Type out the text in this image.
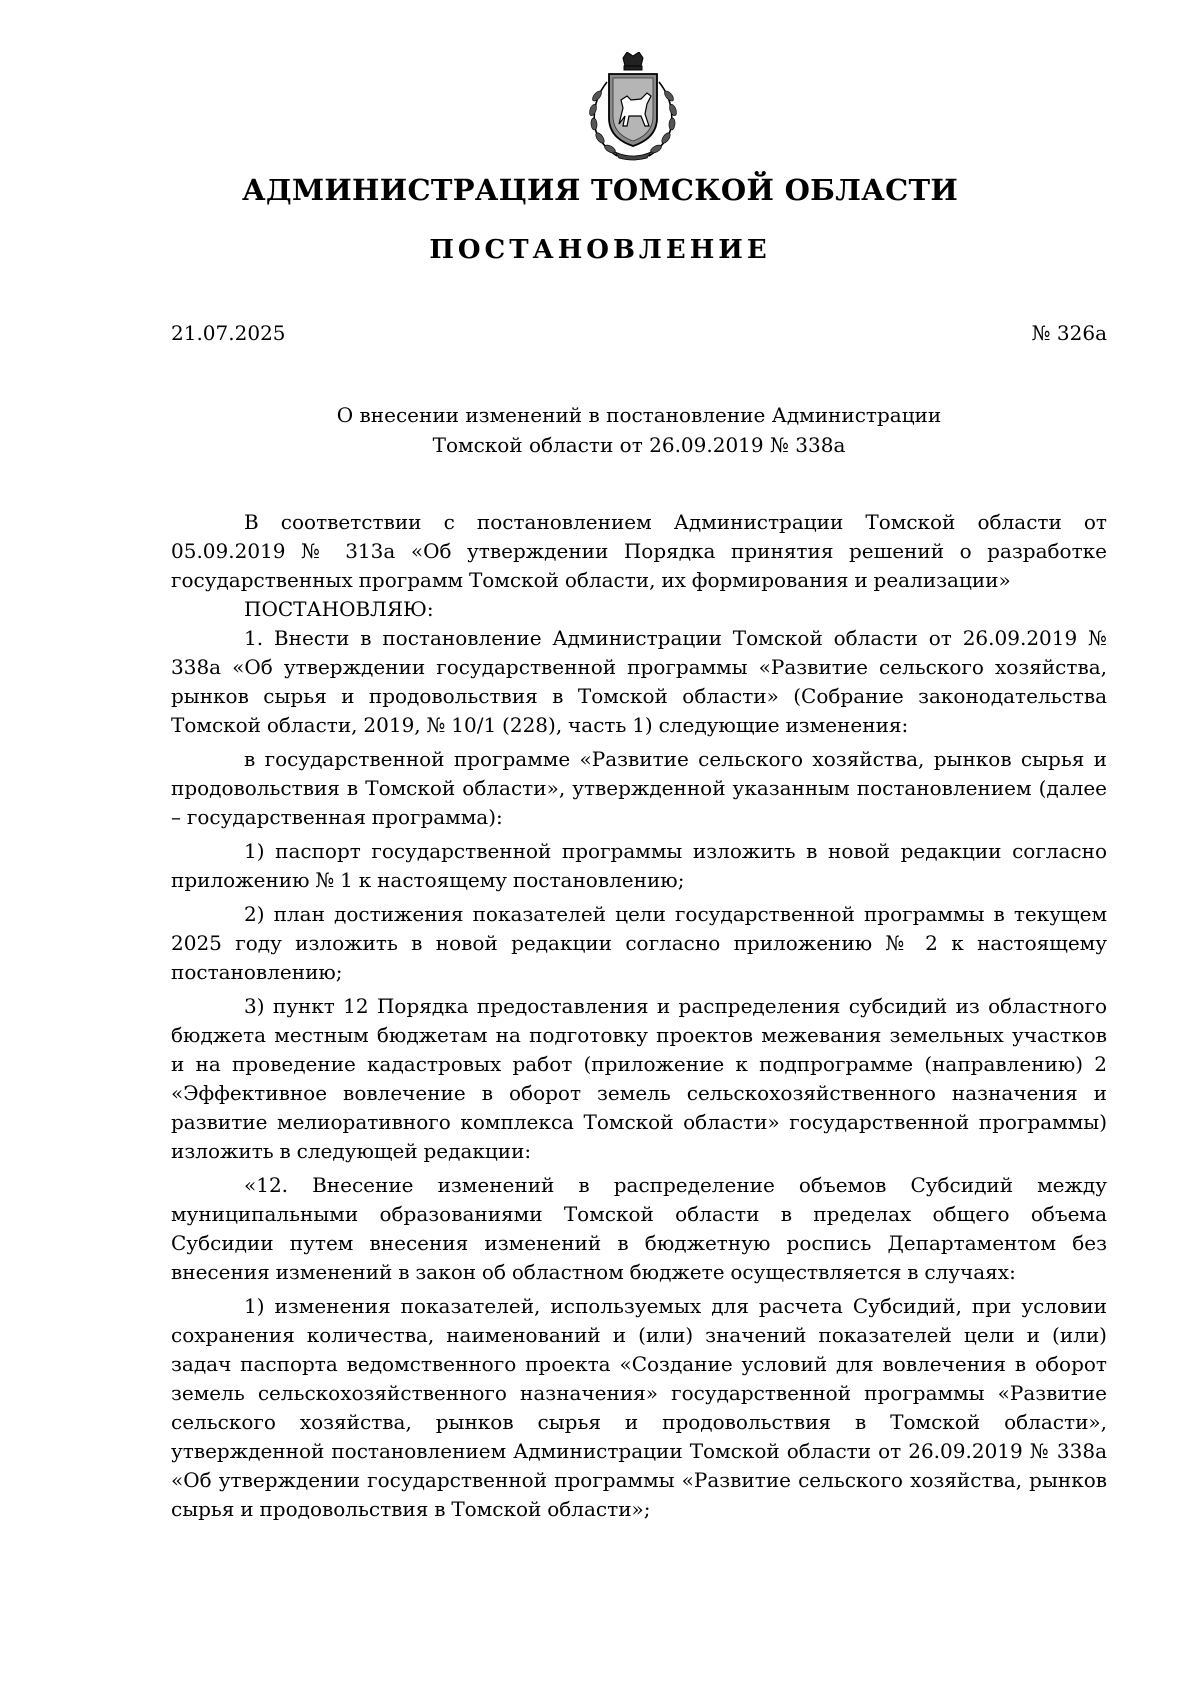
АДМИНИСТРАЦИЯ ТОМСКОЙ ОБЛАСТИ
ПОСТАНОВЛЕНИЕ
21.07.2025	№ 326а
О внесении изменений в постановление Администрации
Томской области от 26.09.2019 № 338а

В соответствии с постановлением Администрации Томской области от 05.09.2019 № 313а «Об утверждении Порядка принятия решений о разработке государственных программ Томской области, их формирования и реализации»

ПОСТАНОВЛЯЮ:

1. Внести в постановление Администрации Томской области от 26.09.2019 № 338а «Об утверждении государственной программы «Развитие сельского хозяйства, рынков сырья и продовольствия в Томской области» (Собрание законодательства Томской области, 2019, № 10/1 (228), часть 1) следующие изменения:

в государственной программе «Развитие сельского хозяйства, рынков сырья и продовольствия в Томской области», утвержденной указанным постановлением (далее – государственная программа):

1) паспорт государственной программы изложить в новой редакции согласно приложению № 1 к настоящему постановлению;

2) план достижения показателей цели государственной программы в текущем 2025 году изложить в новой редакции согласно приложению № 2 к настоящему постановлению;

3) пункт 12 Порядка предоставления и распределения субсидий из областного бюджета местным бюджетам на подготовку проектов межевания земельных участков и на проведение кадастровых работ (приложение к подпрограмме (направлению) 2 «Эффективное вовлечение в оборот земель сельскохозяйственного назначения и развитие мелиоративного комплекса Томской области» государственной программы) изложить в следующей редакции:

«12. Внесение изменений в распределение объемов Субсидий между муниципальными образованиями Томской области в пределах общего объема Субсидии путем внесения изменений в бюджетную роспись Департаментом без внесения изменений в закон об областном бюджете осуществляется в случаях:

1) изменения показателей, используемых для расчета Субсидий, при условии сохранения количества, наименований и (или) значений показателей цели и (или) задач паспорта ведомственного проекта «Создание условий для вовлечения в оборот земель сельскохозяйственного назначения» государственной программы «Развитие сельского хозяйства, рынков сырья и продовольствия в Томской области», утвержденной постановлением Администрации Томской области от 26.09.2019 № 338а «Об утверждении государственной программы «Развитие сельского хозяйства, рынков сырья и продовольствия в Томской области»;
